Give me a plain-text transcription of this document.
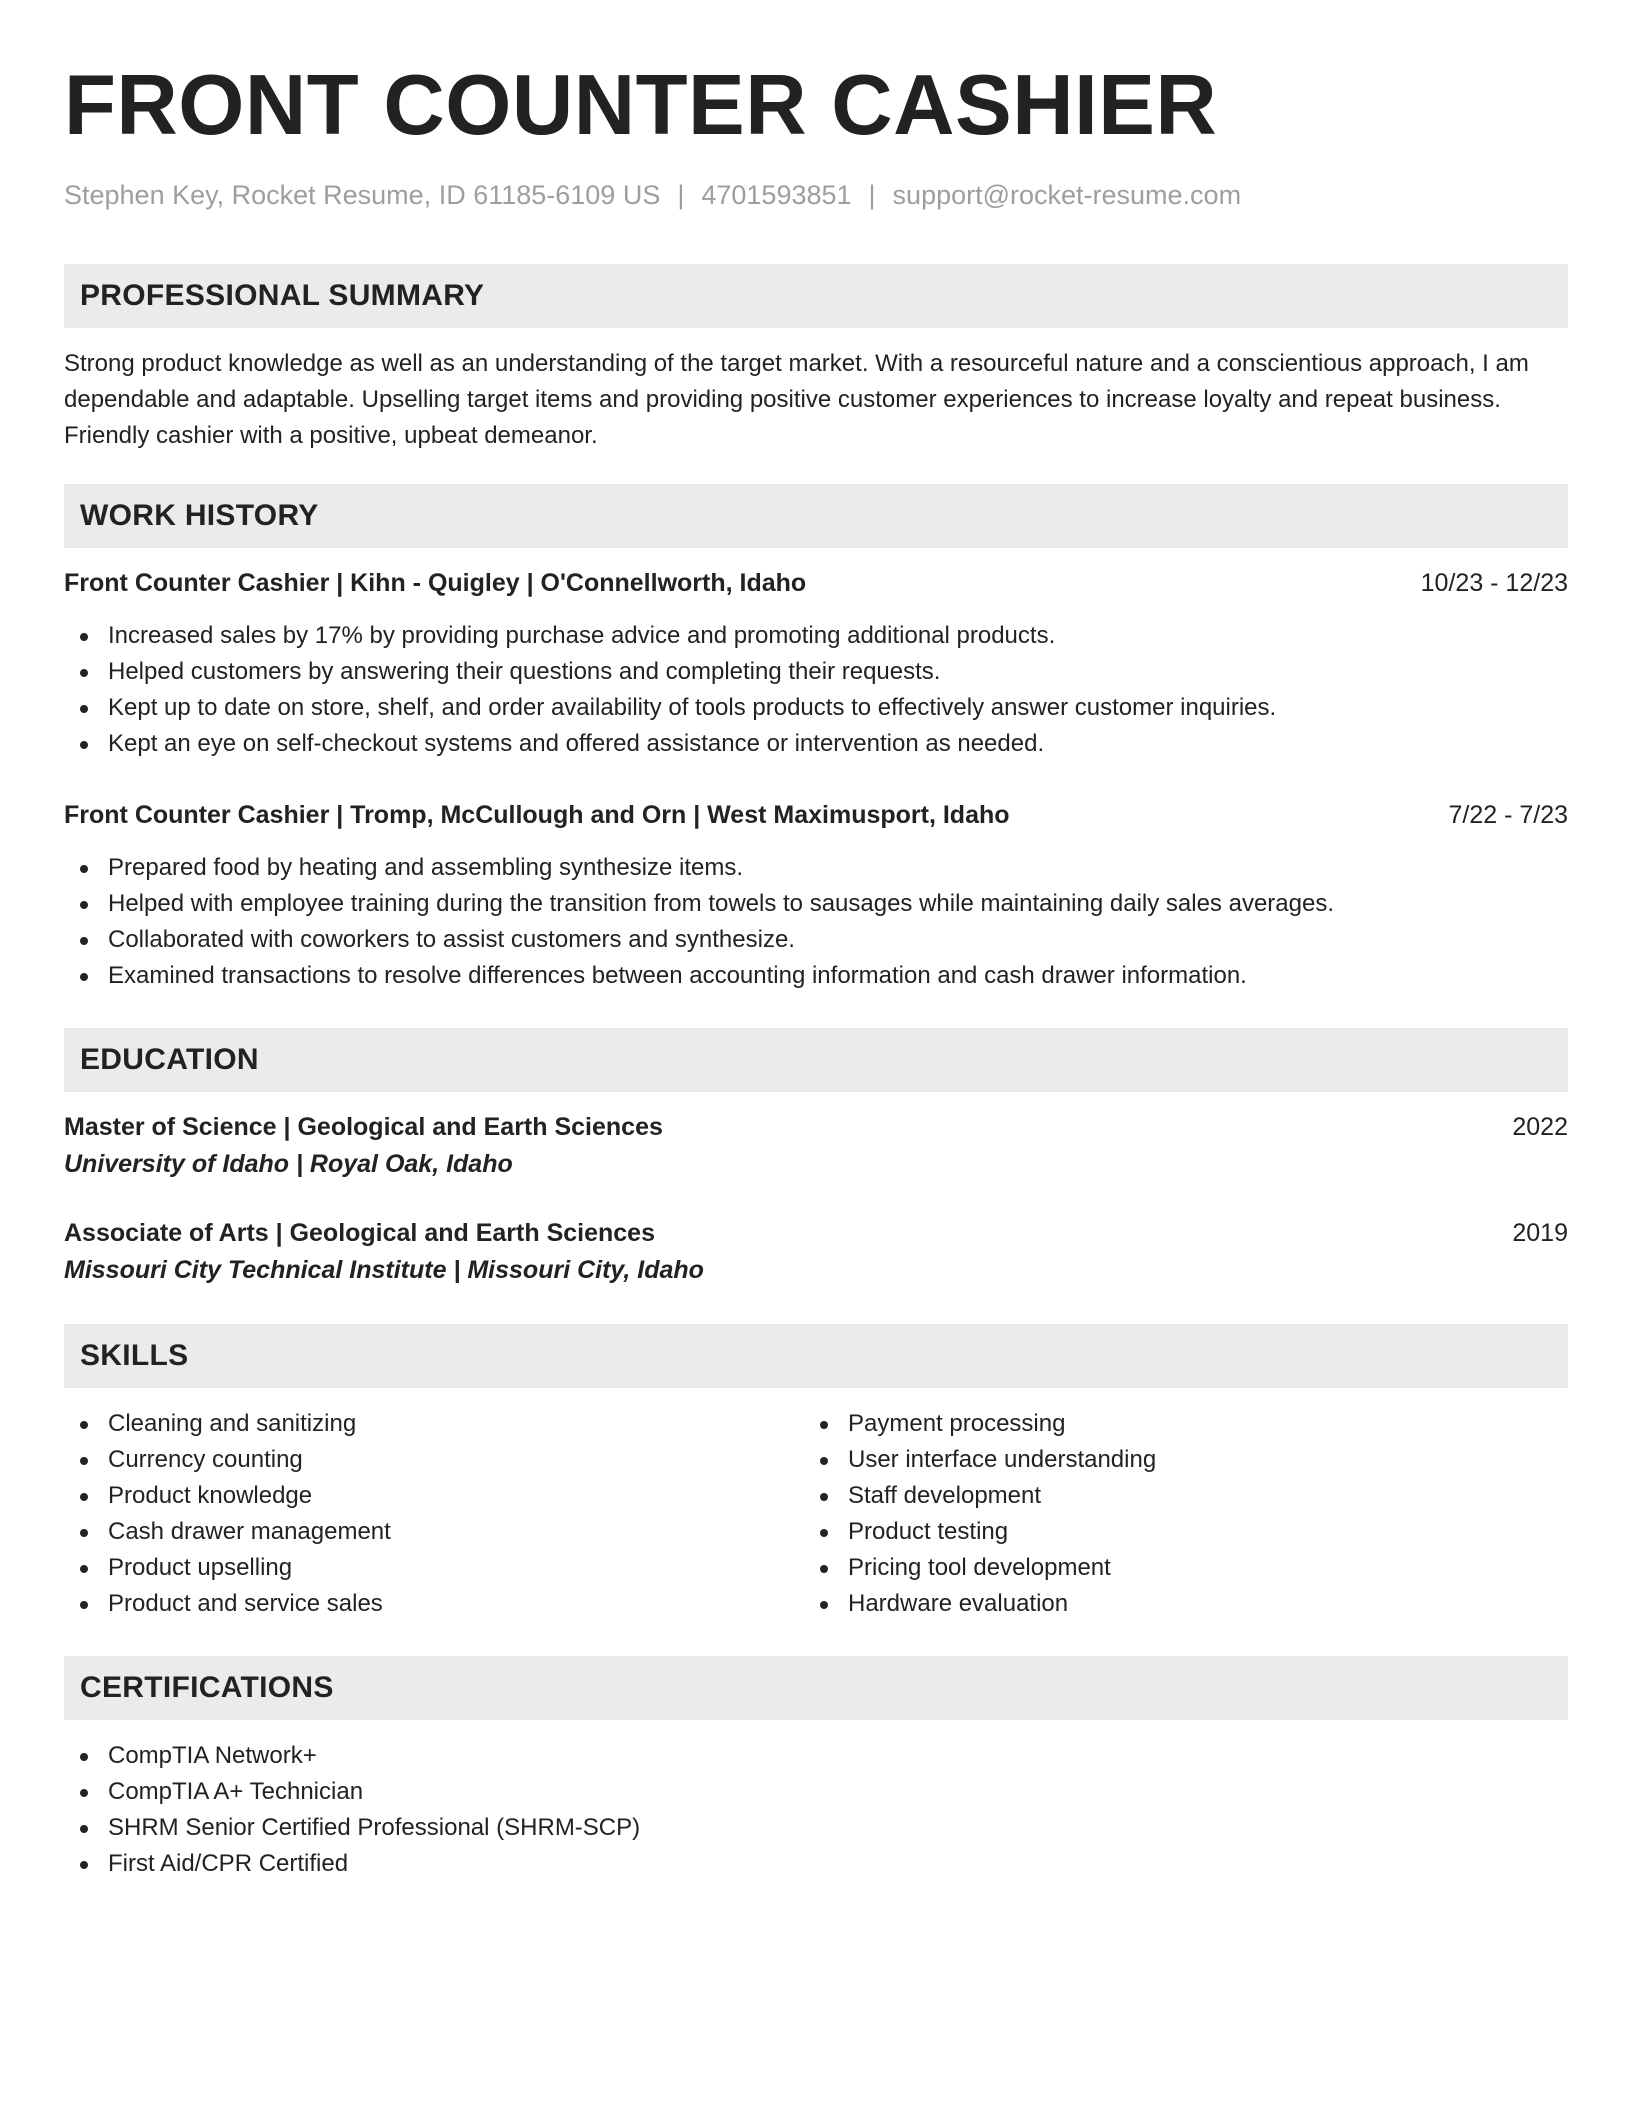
FRONT COUNTER CASHIER
Stephen Key, Rocket Resume, ID 61185-6109 US | 4701593851 | support@rocket-resume.com
PROFESSIONAL SUMMARY

Strong product knowledge as well as an understanding of the target market. With a resourceful nature and a conscientious approach, I am dependable and adaptable. Upselling target items and providing positive customer experiences to increase loyalty and repeat business. Friendly cashier with a positive, upbeat demeanor.

WORK HISTORY
Front Counter Cashier | Kihn - Quigley | O'Connellworth, Idaho	10/23 - 12/23
Increased sales by 17% by providing purchase advice and promoting additional products.
Helped customers by answering their questions and completing their requests.
Kept up to date on store, shelf, and order availability of tools products to effectively answer customer inquiries.
Kept an eye on self-checkout systems and offered assistance or intervention as needed.
Front Counter Cashier | Tromp, McCullough and Orn | West Maximusport, Idaho	7/22 - 7/23
Prepared food by heating and assembling synthesize items.
Helped with employee training during the transition from towels to sausages while maintaining daily sales averages.
Collaborated with coworkers to assist customers and synthesize.
Examined transactions to resolve differences between accounting information and cash drawer information.
EDUCATION
Master of Science | Geological and Earth Sciences	2022
University of Idaho | Royal Oak, Idaho
Associate of Arts | Geological and Earth Sciences	2019
Missouri City Technical Institute | Missouri City, Idaho
SKILLS
Cleaning and sanitizing
Currency counting
Product knowledge
Cash drawer management
Product upselling
Product and service sales
Payment processing
User interface understanding
Staff development
Product testing
Pricing tool development
Hardware evaluation
CERTIFICATIONS
CompTIA Network+
CompTIA A+ Technician
SHRM Senior Certified Professional (SHRM-SCP)
First Aid/CPR Certified
